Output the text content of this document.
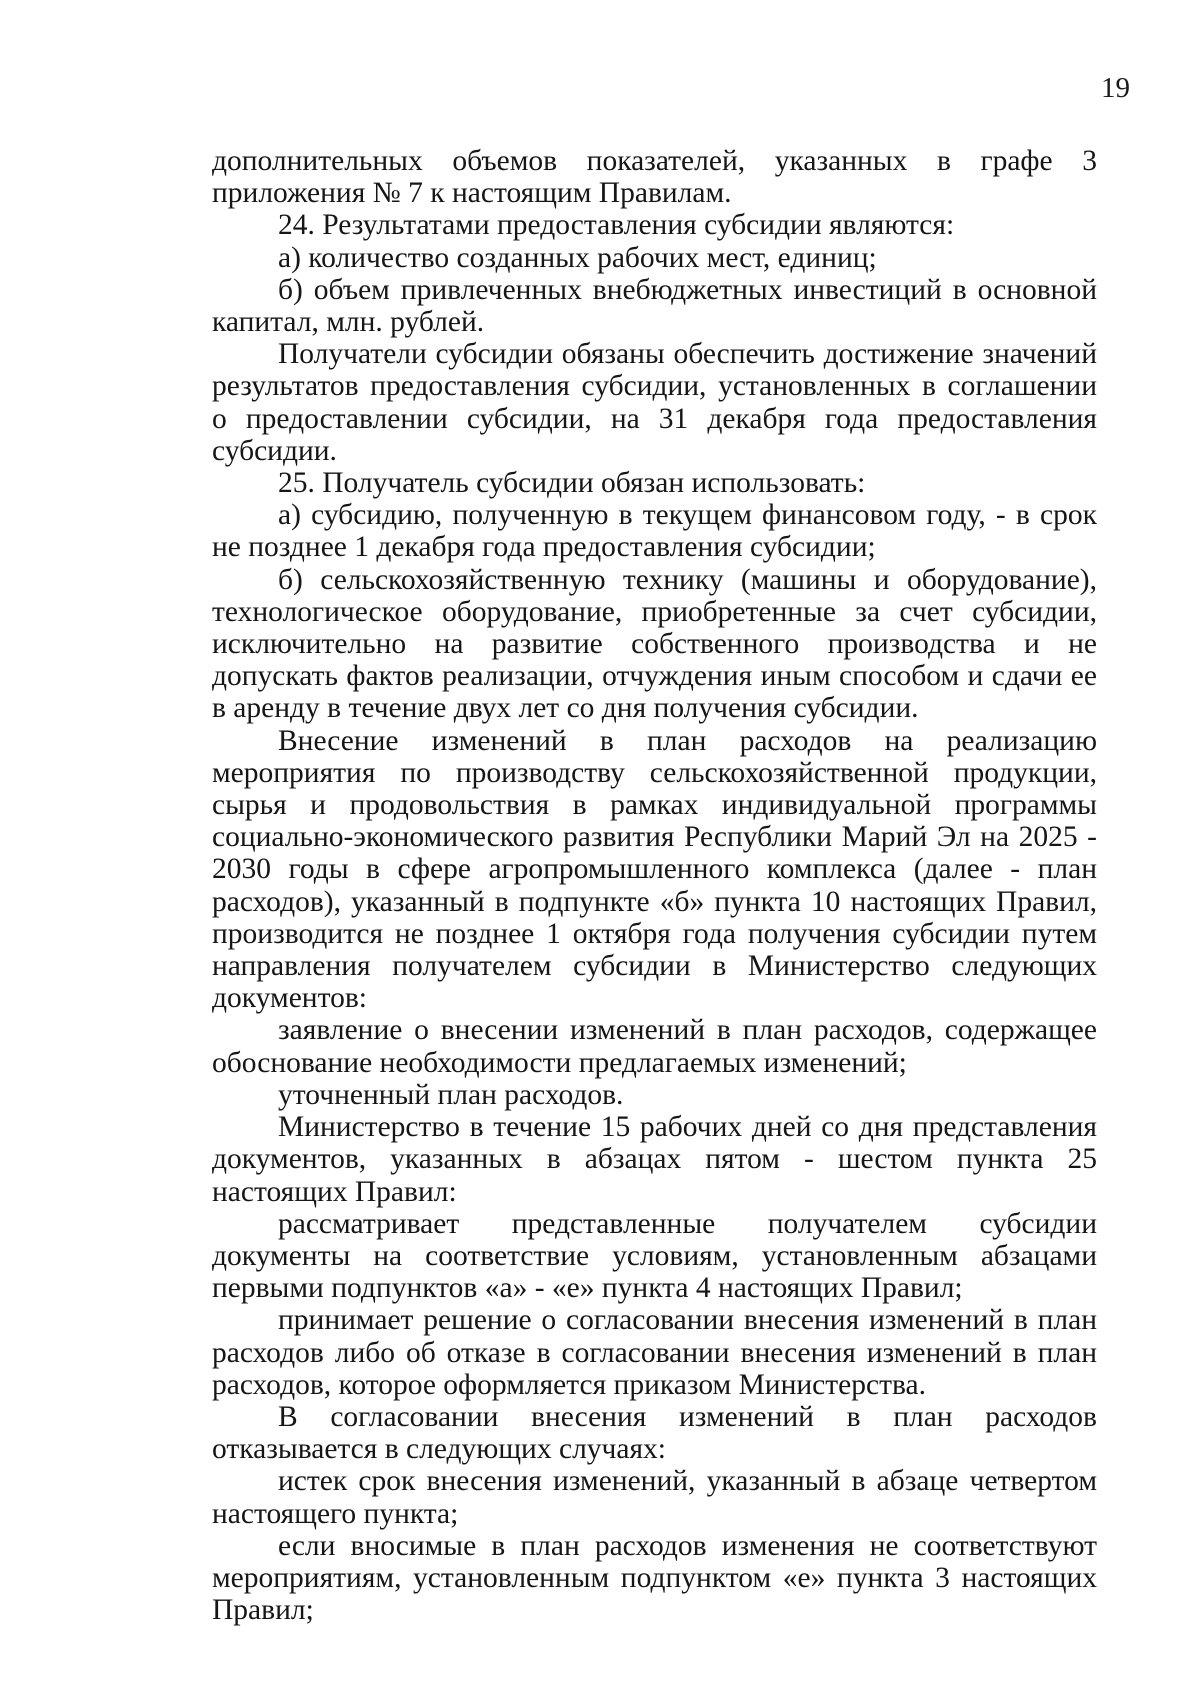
19

дополнительных объемов показателей, указанных в графе 3 приложения № 7 к настоящим Правилам.

24. Результатами предоставления субсидии являются:

а) количество созданных рабочих мест, единиц;

б) объем привлеченных внебюджетных инвестиций в основной капитал, млн. рублей.

Получатели субсидии обязаны обеспечить достижение значений результатов предоставления субсидии, установленных в соглашении о предоставлении субсидии, на 31 декабря года предоставления субсидии.

25. Получатель субсидии обязан использовать:

а) субсидию, полученную в текущем финансовом году, - в срок не позднее 1 декабря года предоставления субсидии;

б) сельскохозяйственную технику (машины и оборудование), технологическое оборудование, приобретенные за счет субсидии, исключительно на развитие собственного производства и не допускать фактов реализации, отчуждения иным способом и сдачи ее в аренду в течение двух лет со дня получения субсидии.

Внесение изменений в план расходов на реализацию мероприятия по производству сельскохозяйственной продукции, сырья и продовольствия в рамках индивидуальной программы социально-экономического развития Республики Марий Эл на 2025 - 2030 годы в сфере агропромышленного комплекса (далее - план расходов), указанный в подпункте «б» пункта 10 настоящих Правил, производится не позднее 1 октября года получения субсидии путем направления получателем субсидии в Министерство следующих документов:

заявление о внесении изменений в план расходов, содержащее обоснование необходимости предлагаемых изменений;

уточненный план расходов.

Министерство в течение 15 рабочих дней со дня представления документов, указанных в абзацах пятом - шестом пункта 25 настоящих Правил:

рассматривает представленные получателем субсидии документы на соответствие условиям, установленным абзацами первыми подпунктов «а» - «е» пункта 4 настоящих Правил;

принимает решение о согласовании внесения изменений в план расходов либо об отказе в согласовании внесения изменений в план расходов, которое оформляется приказом Министерства.

В согласовании внесения изменений в план расходов отказывается в следующих случаях:

истек срок внесения изменений, указанный в абзаце четвертом настоящего пункта;

если вносимые в план расходов изменения не соответствуют мероприятиям, установленным подпунктом «е» пункта 3 настоящих Правил;
